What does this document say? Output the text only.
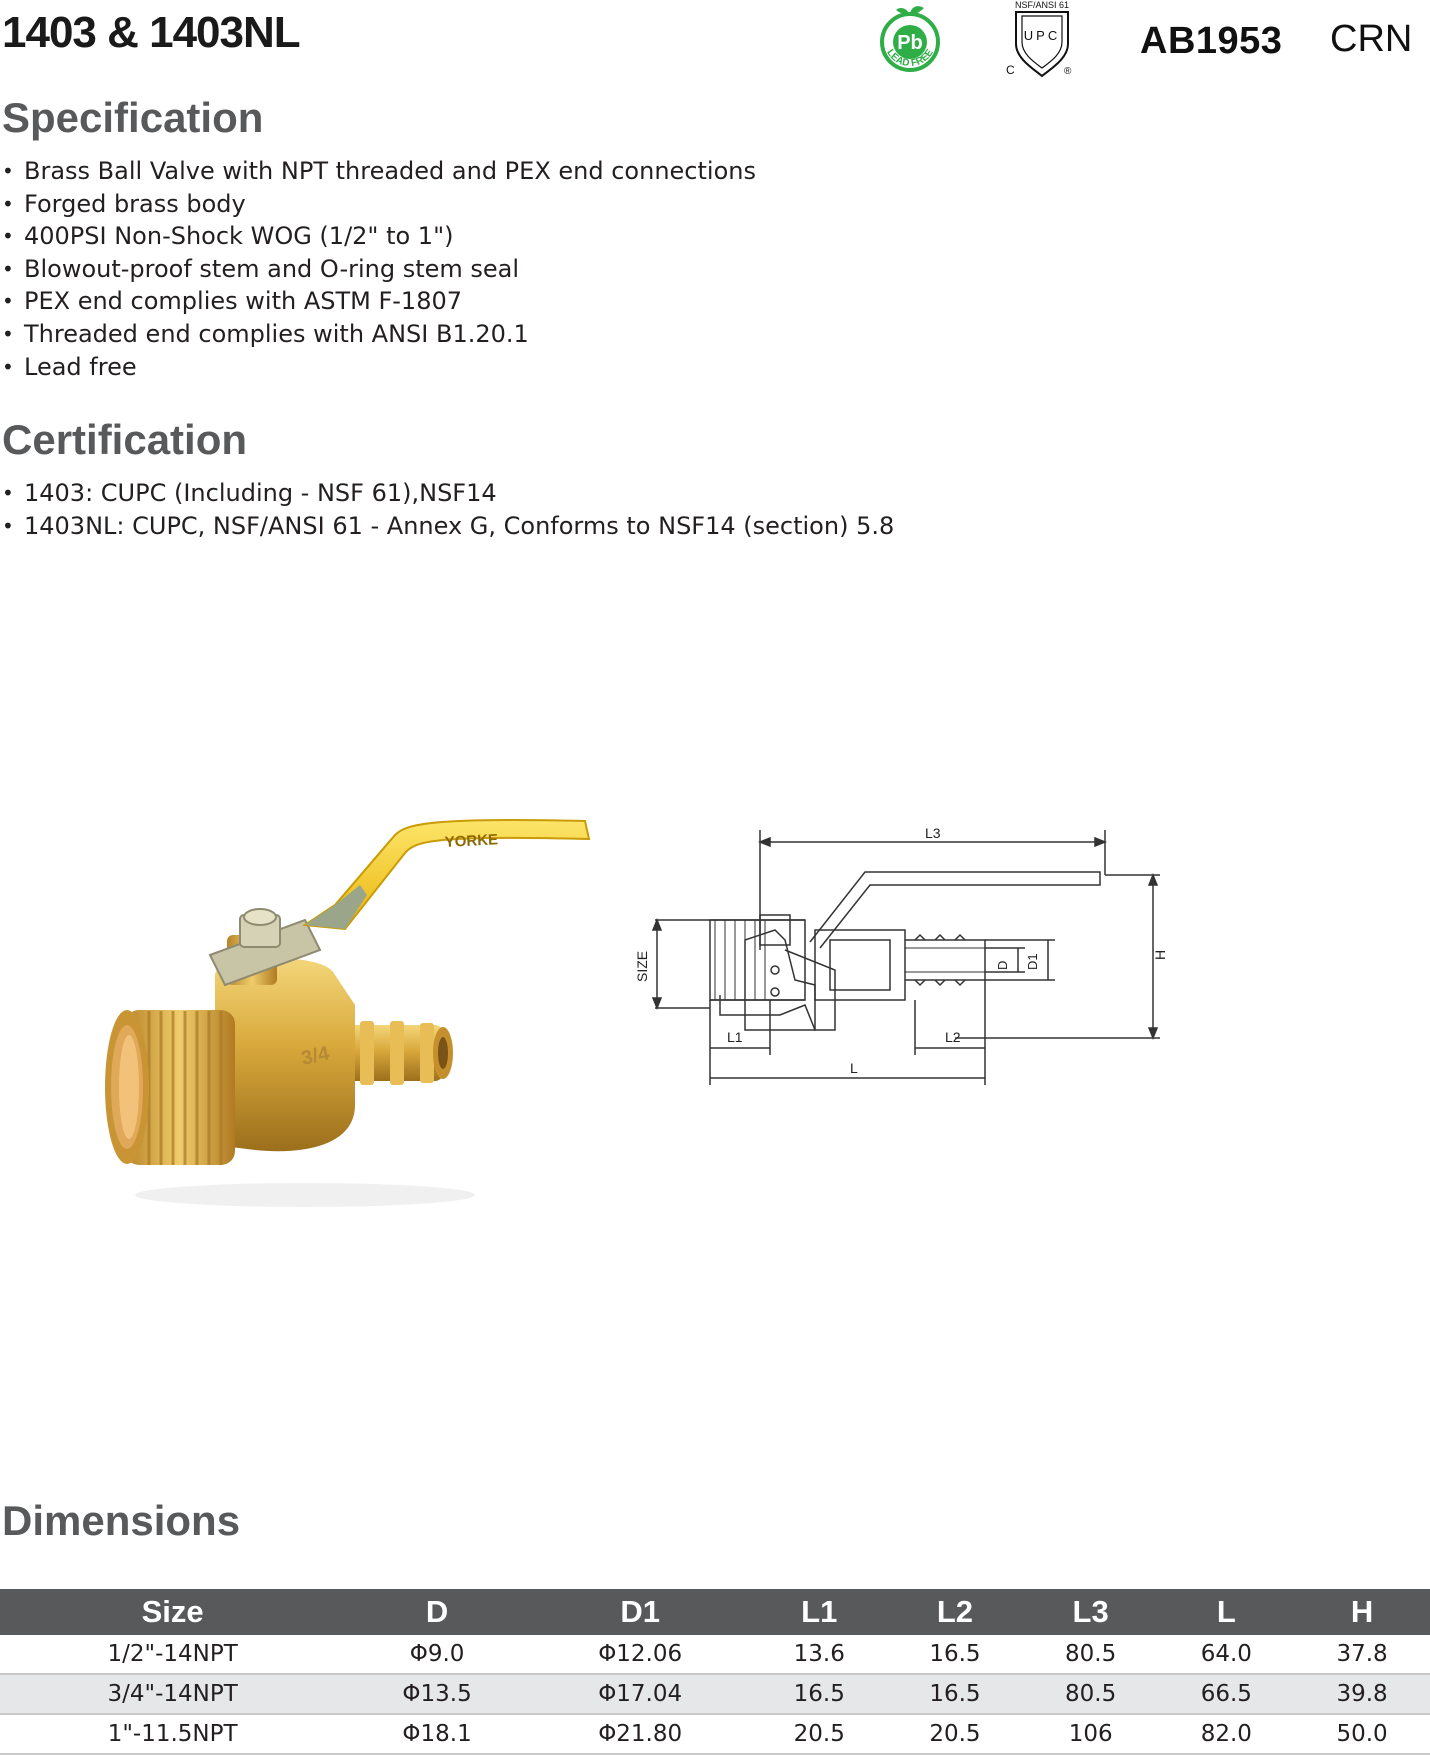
1403 & 1403NL	Pb
LEAD FREE
NSF/ANSI 61
UPC
C	®
AB1953 CRN
Specification
• Brass Ball Valve with NPT threaded and PEX end connections
• Forged brass body
• 400PSI Non-Shock WOG (1/2" to 1")
• Blowout-proof stem and O-ring stem seal
• PEX end complies with ASTM F-1807
• Threaded end complies with ANSI B1.20.1
• Lead free
Certification
• 1403: CUPC (Including - NSF 61),NSF14
• 1403NL: CUPC, NSF/ANSI 61 - Annex G, Conforms to NSF14 (section) 5.8
3/4
YORKE	L3
H
SIZE	D D1
L1	L2
L
Dimensions
Size	D	D1	L1	L2	L3	L	H
1/2"-14NPT	Φ9.0	Φ12.06	13.6	16.5	80.5	64.0	37.8
3/4"-14NPT	Φ13.5	Φ17.04	16.5	16.5	80.5	66.5	39.8
1"-11.5NPT	Φ18.1	Φ21.80	20.5	20.5	106	82.0	50.0
